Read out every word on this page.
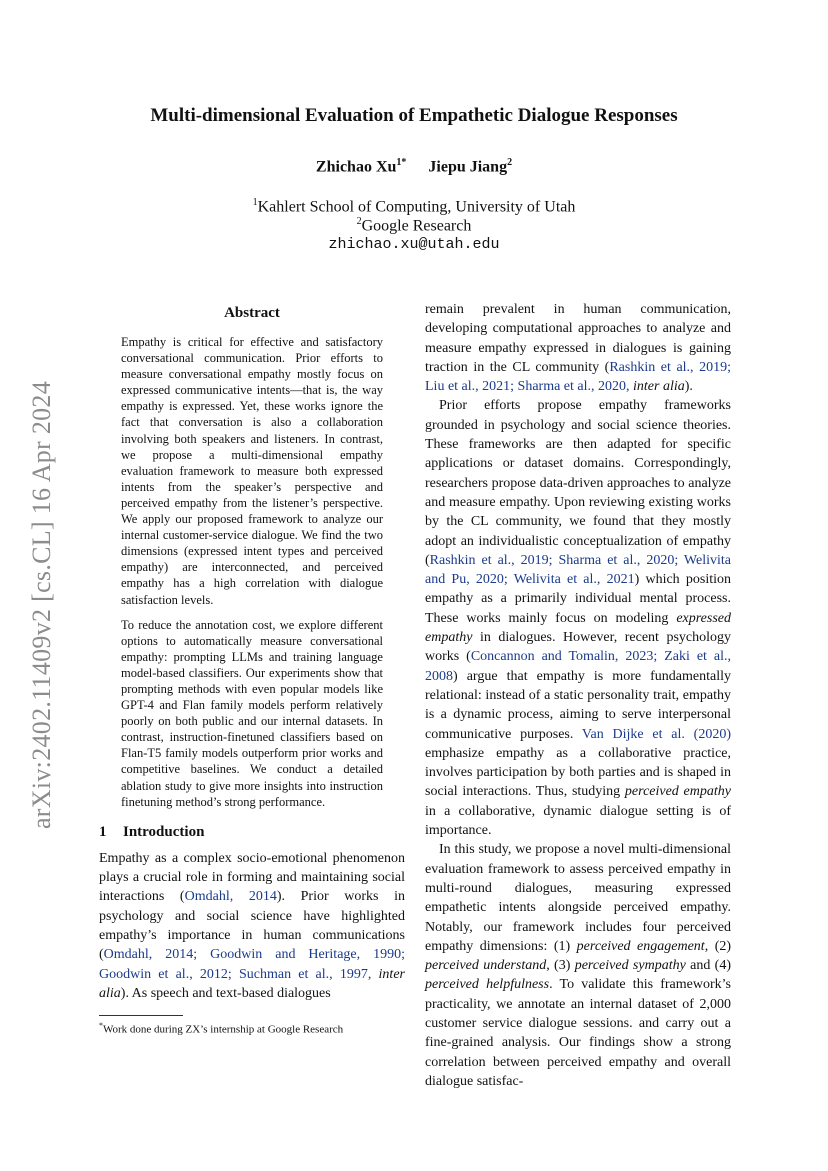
arXiv:2402.11409v2 [cs.CL] 16 Apr 2024
Multi-dimensional Evaluation of Empathetic Dialogue Responses
Zhichao $Xu^{1*}$ Jiepu Jiang$^2$
$^1$Kahlert School of Computing, University of Utah
$^2$Google Research
zhichao.xu@utah.edu
Abstract

Empathy is critical for effective and satisfactory conversational communication. Prior efforts to measure conversational empathy mostly focus on expressed communicative intents—that is, the way empathy is expressed. Yet, these works ignore the fact that conversation is also a collaboration involving both speakers and listeners. In contrast, we propose a multi-dimensional empathy evaluation framework to measure both expressed intents from the speaker’s perspective and perceived empathy from the listener’s perspective. We apply our proposed framework to analyze our internal customer-service dialogue. We find the two dimensions (expressed intent types and perceived empathy) are interconnected, and perceived empathy has a high correlation with dialogue satisfaction levels.

To reduce the annotation cost, we explore different options to automatically measure conversational empathy: prompting LLMs and training language model-based classifiers. Our experiments show that prompting methods with even popular models like GPT-4 and Flan family models perform relatively poorly on both public and our internal datasets. In contrast, instruction-finetuned classifiers based on Flan-T5 family models outperform prior works and competitive baselines. We conduct a detailed ablation study to give more insights into instruction finetuning method’s strong performance.

1 Introduction

Empathy as a complex socio-emotional phenomenon plays a crucial role in forming and maintaining social interactions (Omdahl, 2014). Prior works in psychology and social science have highlighted empathy’s importance in human communications (Omdahl, 2014; Goodwin and Heritage, 1990; Goodwin et al., 2012; Suchman et al., 1997, inter alia). As speech and text-based dialogues

*Work done during ZX’s internship at Google Research

remain prevalent in human communication, developing computational approaches to analyze and measure empathy expressed in dialogues is gaining traction in the CL community (Rashkin et al., 2019; Liu et al., 2021; Sharma et al., 2020, inter alia).

Prior efforts propose empathy frameworks grounded in psychology and social science theories. These frameworks are then adapted for specific applications or dataset domains. Correspondingly, researchers propose data-driven approaches to analyze and measure empathy. Upon reviewing existing works by the CL community, we found that they mostly adopt an individualistic conceptualization of empathy (Rashkin et al., 2019; Sharma et al., 2020; Welivita and Pu, 2020; Welivita et al., 2021) which position empathy as a primarily individual mental process. These works mainly focus on modeling expressed empathy in dialogues. However, recent psychology works (Concannon and Tomalin, 2023; Zaki et al., 2008) argue that empathy is more fundamentally relational: instead of a static personality trait, empathy is a dynamic process, aiming to serve interpersonal communicative purposes. Van Dijke et al. (2020) emphasize empathy as a collaborative practice, involves participation by both parties and is shaped in social interactions. Thus, studying perceived empathy in a collaborative, dynamic dialogue setting is of importance.

In this study, we propose a novel multi-dimensional evaluation framework to assess perceived empathy in multi-round dialogues, measuring expressed empathetic intents alongside perceived empathy. Notably, our framework includes four perceived empathy dimensions: (1) perceived engagement, (2) perceived understand, (3) perceived sympathy and (4) perceived helpfulness. To validate this framework’s practicality, we annotate an internal dataset of 2,000 customer service dialogue sessions. and carry out a fine-grained analysis. Our findings show a strong correlation between perceived empathy and overall dialogue satisfac-
